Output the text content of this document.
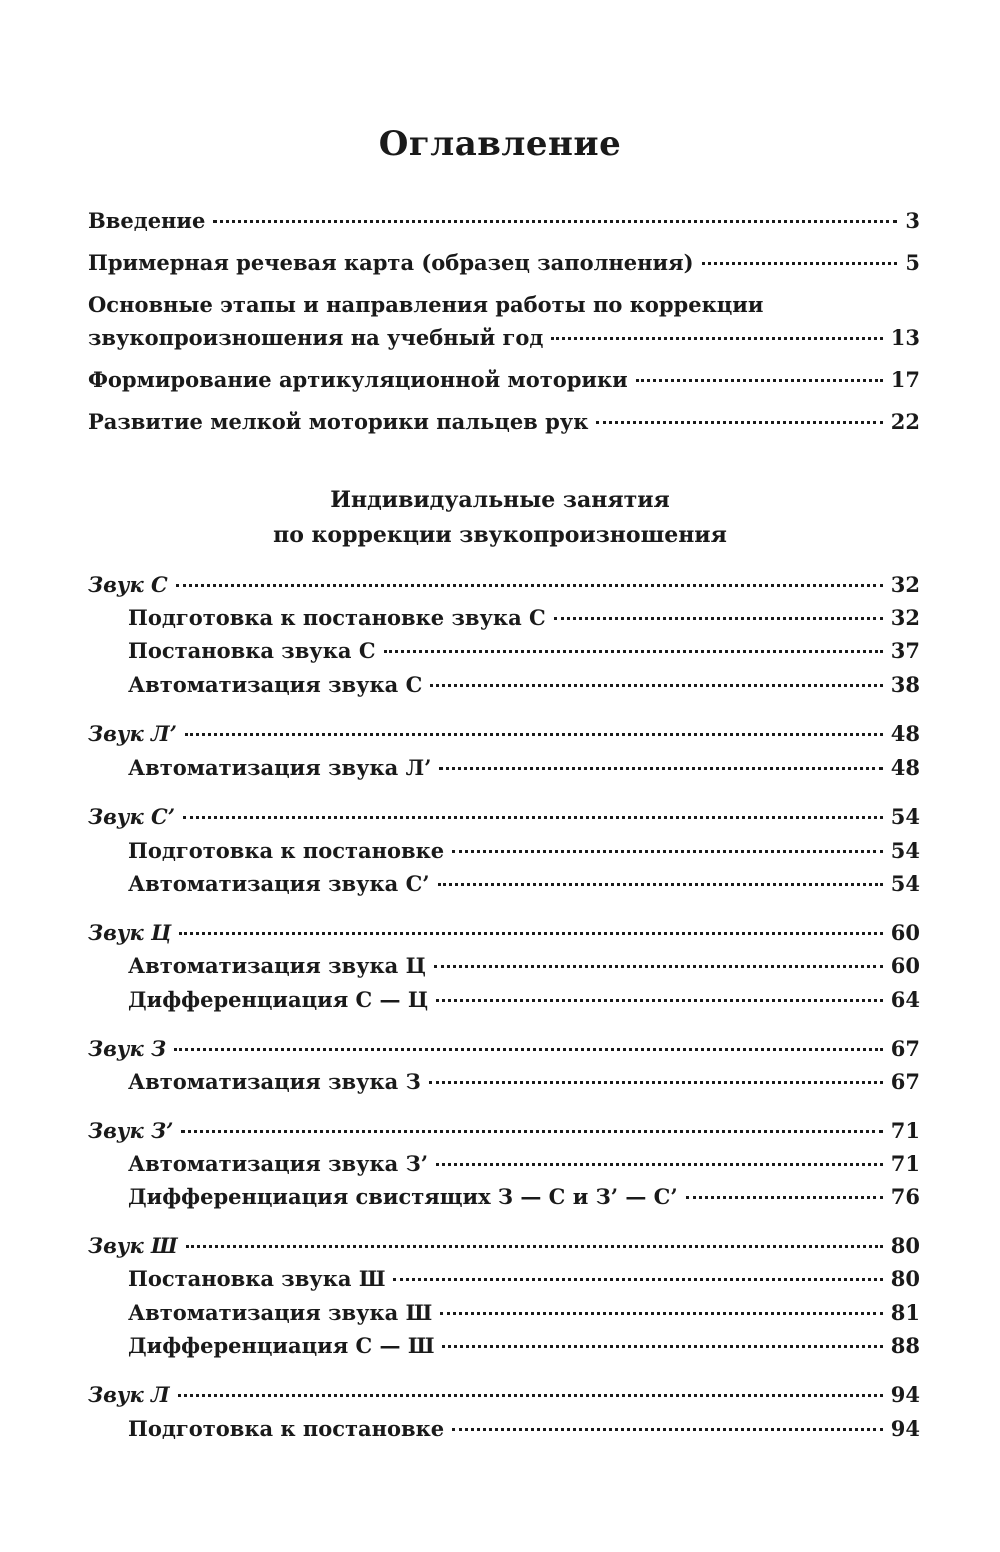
Оглавление
Введение	3
Примерная речевая карта (образец заполнения)	5
Основные этапы и направления работы по коррекции
звукопроизношения на учебный год	13
Формирование артикуляционной моторики	17
Развитие мелкой моторики пальцев рук	22
Индивидуальные занятия
по коррекции звукопроизношения
Звук С	32
Подготовка к постановке звука С	32
Постановка звука С	37
Автоматизация звука С	38
Звук Л’	48
Автоматизация звука Л’	48
Звук С’	54
Подготовка к постановке	54
Автоматизация звука С’	54
Звук Ц	60
Автоматизация звука Ц	60
Дифференциация С — Ц	64
Звук З	67
Автоматизация звука З	67
Звук З’	71
Автоматизация звука З’	71
Дифференциация свистящих З — С и З’ — С’	76
Звук Ш	80
Постановка звука Ш	80
Автоматизация звука Ш	81
Дифференциация С — Ш	88
Звук Л	94
Подготовка к постановке	94
